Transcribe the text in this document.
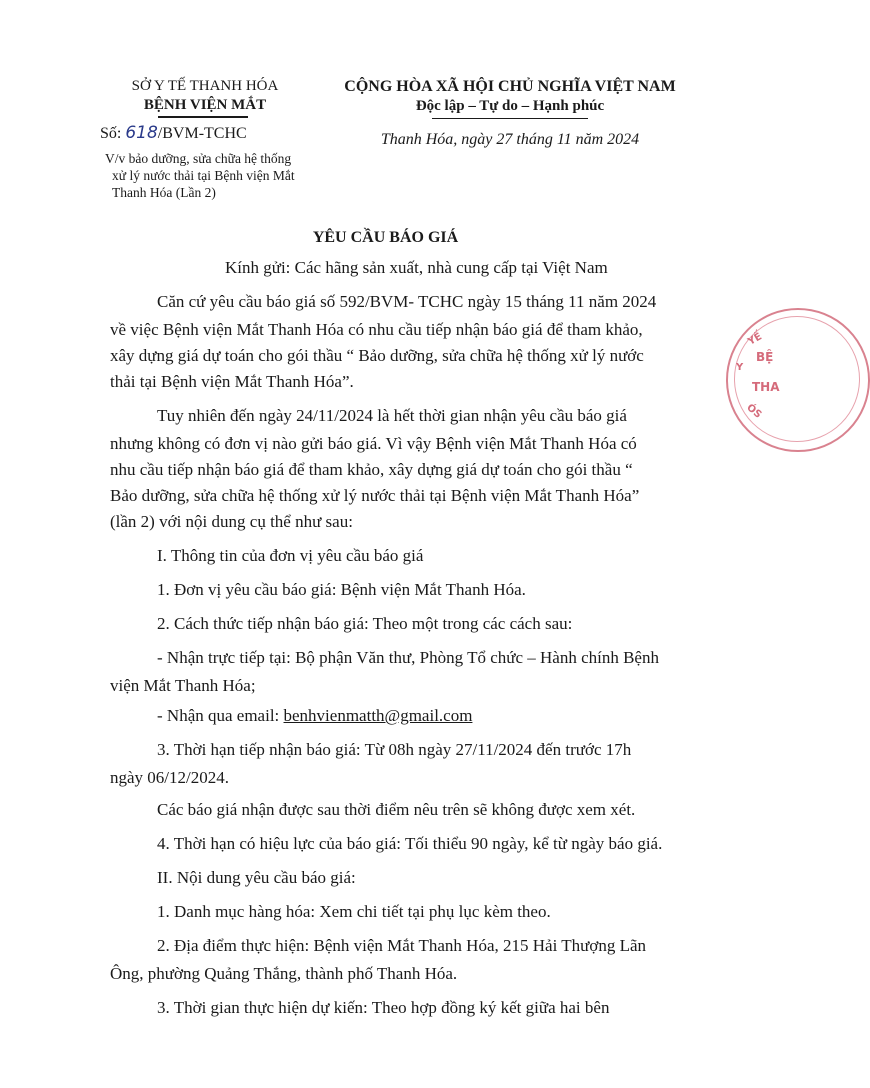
SỞ Y TẾ THANH HÓA
BỆNH VIỆN MẮT
Số: 618/BVM-TCHC
V/v bảo dưỡng, sửa chữa hệ thống
xử lý nước thải tại Bệnh viện Mắt
Thanh Hóa (Lần 2)
CỘNG HÒA XÃ HỘI CHỦ NGHĨA VIỆT NAM
Độc lập – Tự do – Hạnh phúc
Thanh Hóa, ngày 27 tháng 11 năm 2024
YÊU CẦU BÁO GIÁ
Kính gửi: Các hãng sản xuất, nhà cung cấp tại Việt Nam
Căn cứ yêu cầu báo giá số 592/BVM- TCHC ngày 15 tháng 11 năm 2024
về việc Bệnh viện Mắt Thanh Hóa có nhu cầu tiếp nhận báo giá để tham khảo,
xây dựng giá dự toán cho gói thầu “ Bảo dưỡng, sửa chữa hệ thống xử lý nước
thải tại Bệnh viện Mắt Thanh Hóa”.
Tuy nhiên đến ngày 24/11/2024 là hết thời gian nhận yêu cầu báo giá
nhưng không có đơn vị nào gửi báo giá. Vì vậy Bệnh viện Mắt Thanh Hóa có
nhu cầu tiếp nhận báo giá để tham khảo, xây dựng giá dự toán cho gói thầu “
Bảo dưỡng, sửa chữa hệ thống xử lý nước thải tại Bệnh viện Mắt Thanh Hóa”
(lần 2) với nội dung cụ thể như sau:
I. Thông tin của đơn vị yêu cầu báo giá
1. Đơn vị yêu cầu báo giá: Bệnh viện Mắt Thanh Hóa.
2. Cách thức tiếp nhận báo giá: Theo một trong các cách sau:
- Nhận trực tiếp tại: Bộ phận Văn thư, Phòng Tổ chức – Hành chính Bệnh
viện Mắt Thanh Hóa;
- Nhận qua email: benhvienmatth@gmail.com
3. Thời hạn tiếp nhận báo giá: Từ 08h ngày 27/11/2024 đến trước 17h
ngày 06/12/2024.
Các báo giá nhận được sau thời điểm nêu trên sẽ không được xem xét.
4. Thời hạn có hiệu lực của báo giá: Tối thiểu 90 ngày, kể từ ngày báo giá.
II. Nội dung yêu cầu báo giá:
1. Danh mục hàng hóa: Xem chi tiết tại phụ lục kèm theo.
2. Địa điểm thực hiện: Bệnh viện Mắt Thanh Hóa, 215 Hải Thượng Lãn
Ông, phường Quảng Thắng, thành phố Thanh Hóa.
3. Thời gian thực hiện dự kiến: Theo hợp đồng ký kết giữa hai bên
Y
YẾ
BỆ
THA
ÓS
